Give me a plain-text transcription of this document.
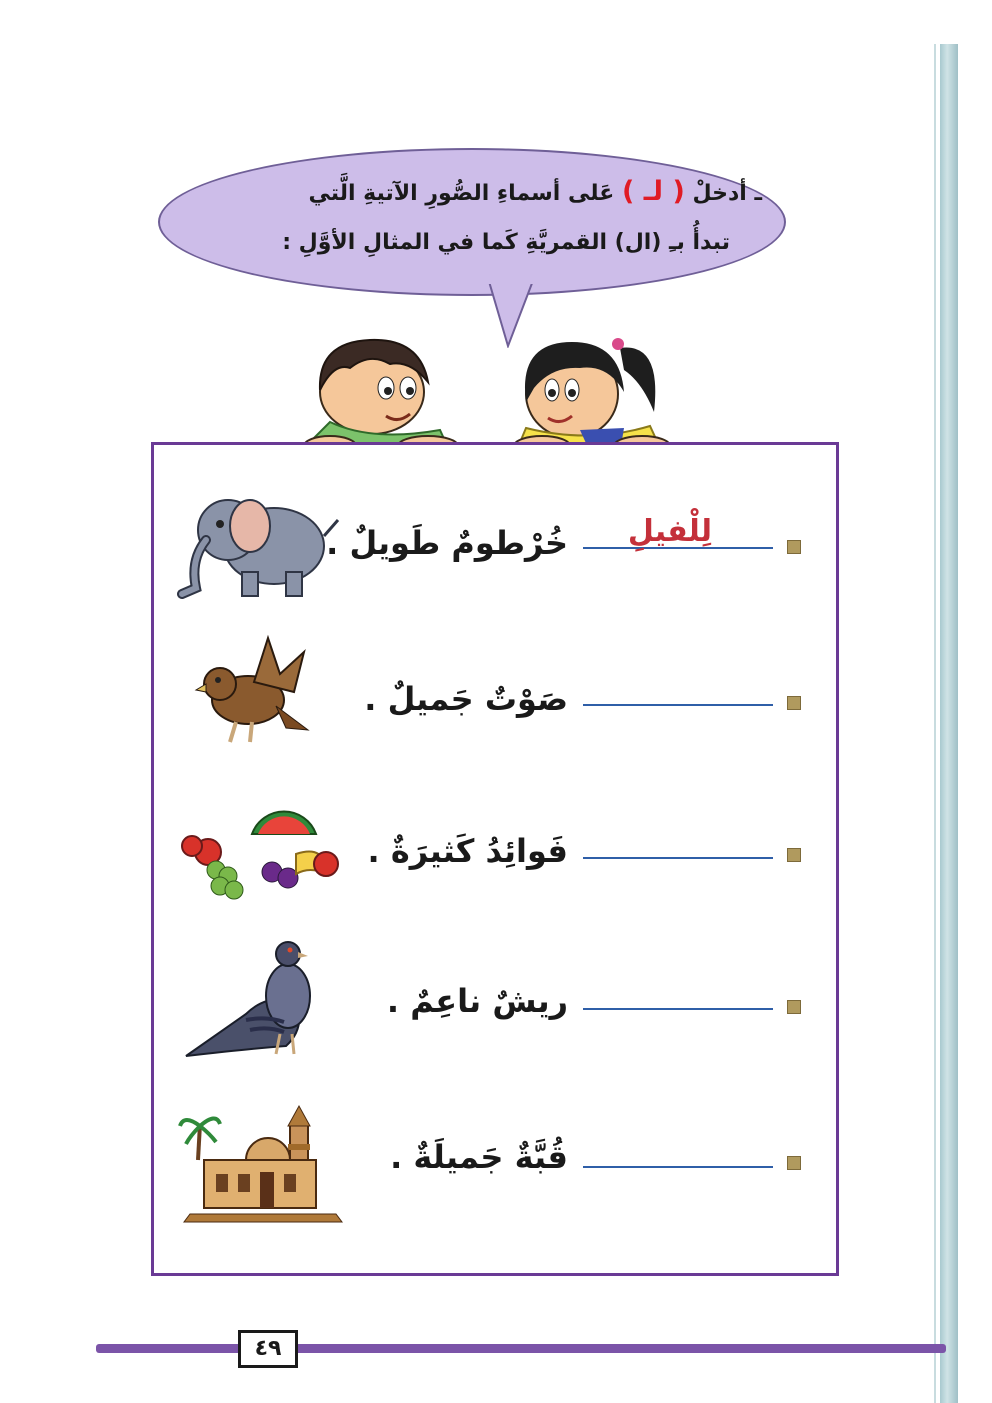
ـ أدخلْ ( لـ ) عَلى أسماءِ الصُّورِ الآتيةِ الَّتي
تبدأُ بـِ (ال) القمريَّةِ كَما في المثالِ الأوَّلِ :
لِلْفيلِ
خُرْطومٌ طَويلٌ .
صَوْتٌ جَميلٌ .
فَوائِدُ كَثيرَةٌ .
ريشٌ ناعِمٌ .
قُبَّةٌ جَميلَةٌ .
٤٩
